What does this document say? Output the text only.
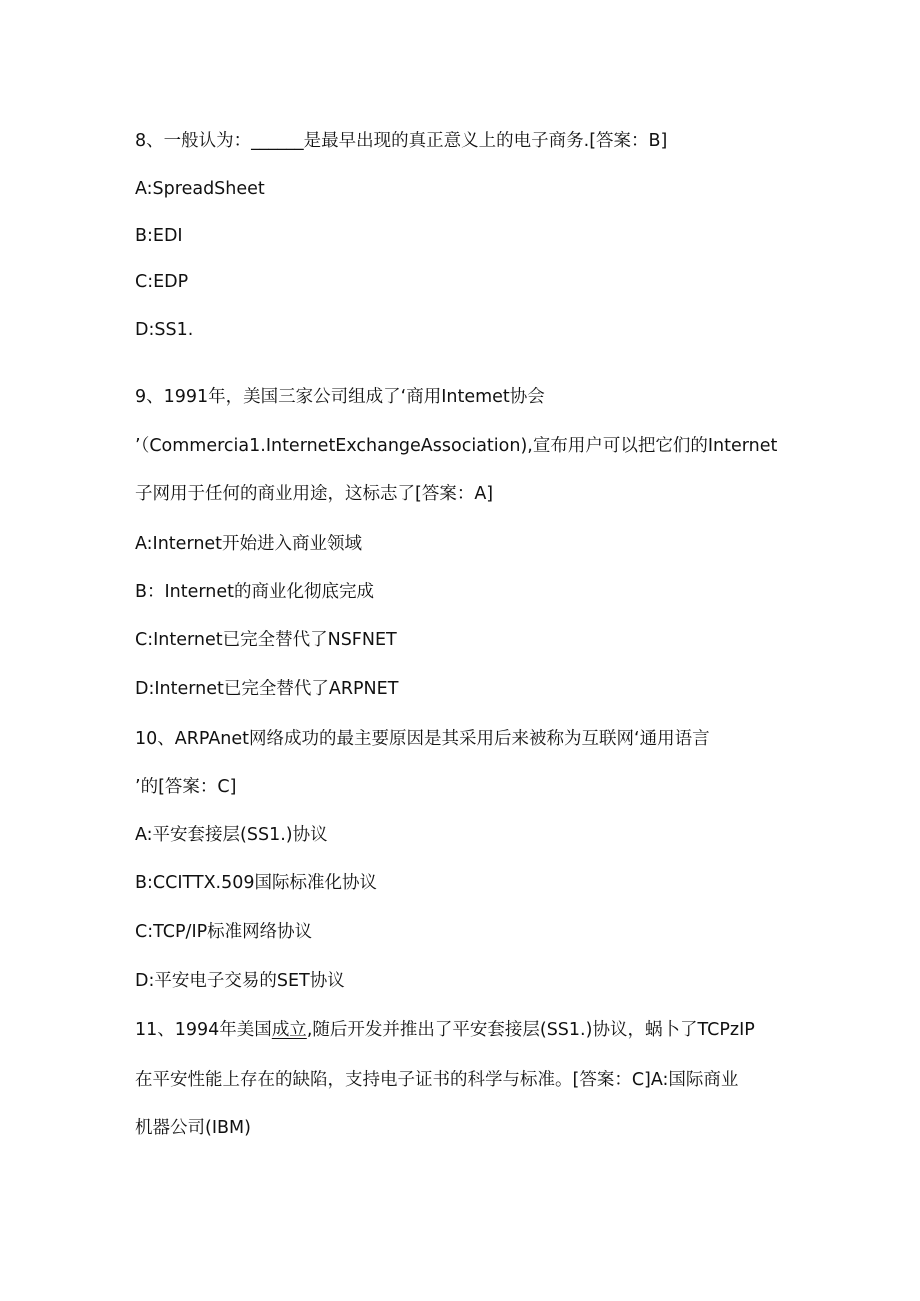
8、一般认为：______是最早出现的真正意义上的电子商务.[答案：B]
A:SpreadSheet
B:EDI
C:EDP
D:SS1.
9、1991年，美国三家公司组成了‘商用Intemet协会
’（Commercia1.InternetExchangeAssociation),宣布用户可以把它们的Internet
子网用于任何的商业用途，这标志了[答案：A]
A:Internet开始进入商业领域
B：Internet的商业化彻底完成
C:Internet已完全替代了NSFNET
D:Internet已完全替代了ARPNET
10、ARPAnet网络成功的最主要原因是其采用后来被称为互联网‘通用语言
’的[答案：C]
A:平安套接层(SS1.)协议
B:CCITTX.509国际标准化协议
C:TCP/IP标准网络协议
D:平安电子交易的SET协议
11、1994年美国成立,随后开发并推出了平安套接层(SS1.)协议，蜗卜了TCPzIP
在平安性能上存在的缺陷，支持电子证书的科学与标准。[答案：C]A:国际商业
机器公司(IBM)
